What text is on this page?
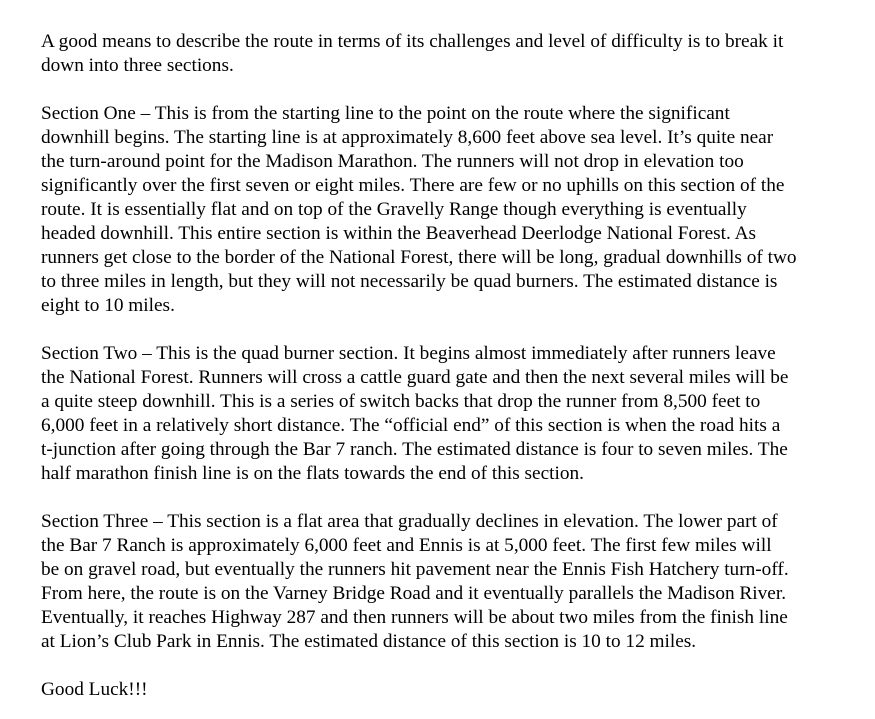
A good means to describe the route in terms of its challenges and level of difficulty is to break it
down into three sections.

Section One – This is from the starting line to the point on the route where the significant
downhill begins. The starting line is at approximately 8,600 feet above sea level. It’s quite near
the turn-around point for the Madison Marathon. The runners will not drop in elevation too
significantly over the first seven or eight miles. There are few or no uphills on this section of the
route. It is essentially flat and on top of the Gravelly Range though everything is eventually
headed downhill. This entire section is within the Beaverhead Deerlodge National Forest. As
runners get close to the border of the National Forest, there will be long, gradual downhills of two
to three miles in length, but they will not necessarily be quad burners. The estimated distance is
eight to 10 miles.

Section Two – This is the quad burner section. It begins almost immediately after runners leave
the National Forest. Runners will cross a cattle guard gate and then the next several miles will be
a quite steep downhill. This is a series of switch backs that drop the runner from 8,500 feet to
6,000 feet in a relatively short distance. The “official end” of this section is when the road hits a
t-junction after going through the Bar 7 ranch. The estimated distance is four to seven miles. The
half marathon finish line is on the flats towards the end of this section.

Section Three – This section is a flat area that gradually declines in elevation. The lower part of
the Bar 7 Ranch is approximately 6,000 feet and Ennis is at 5,000 feet. The first few miles will
be on gravel road, but eventually the runners hit pavement near the Ennis Fish Hatchery turn-off.
From here, the route is on the Varney Bridge Road and it eventually parallels the Madison River.
Eventually, it reaches Highway 287 and then runners will be about two miles from the finish line
at Lion’s Club Park in Ennis. The estimated distance of this section is 10 to 12 miles.

Good Luck!!!
